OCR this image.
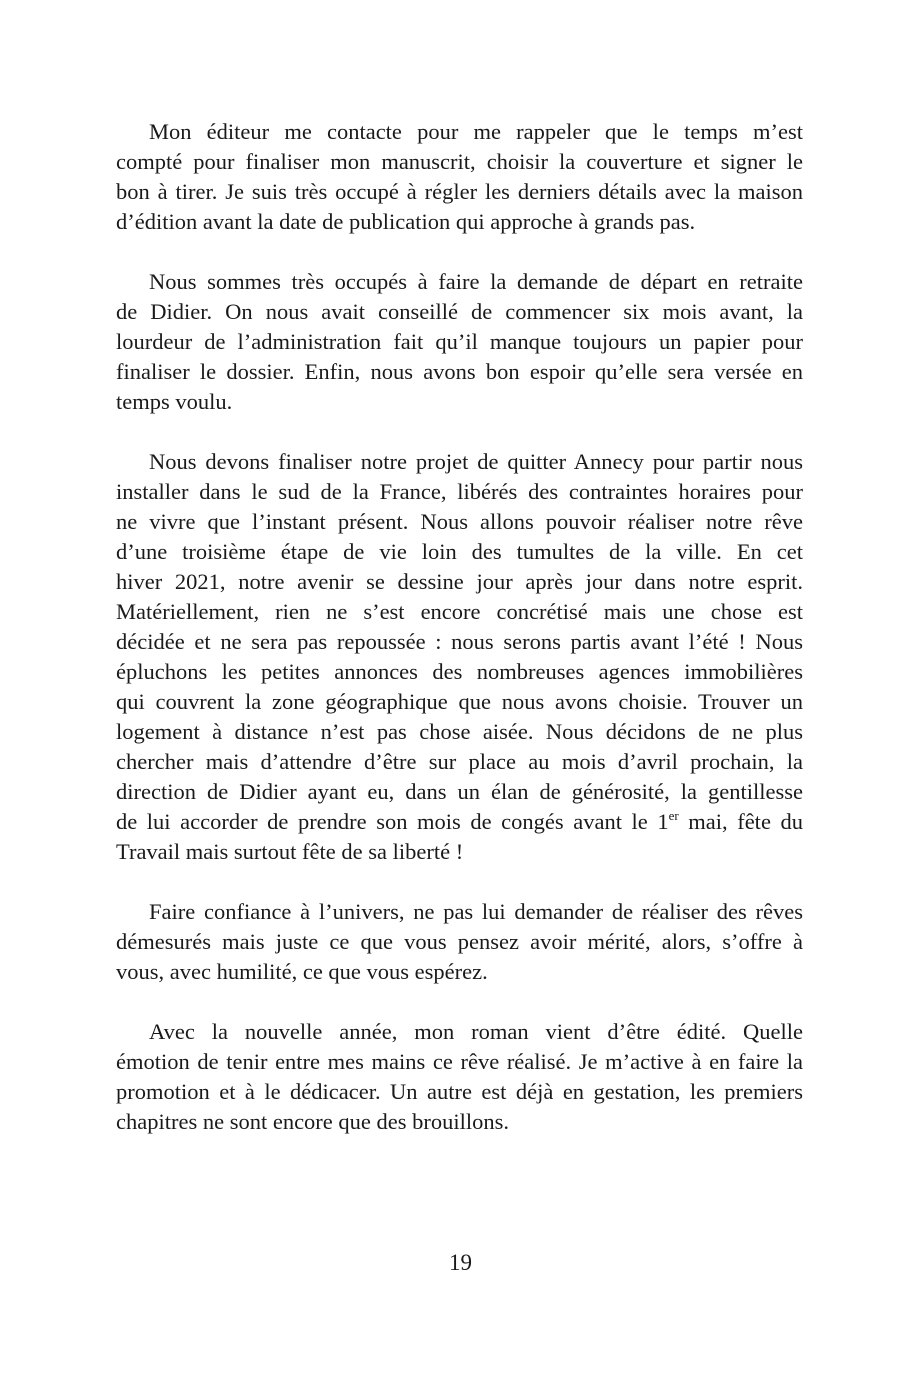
Mon éditeur me contacte pour me rappeler que le temps m’est
compté pour finaliser mon manuscrit, choisir la couverture et signer le
bon à tirer. Je suis très occupé à régler les derniers détails avec la maison
d’édition avant la date de publication qui approche à grands pas.
Nous sommes très occupés à faire la demande de départ en retraite
de Didier. On nous avait conseillé de commencer six mois avant, la
lourdeur de l’administration fait qu’il manque toujours un papier pour
finaliser le dossier. Enfin, nous avons bon espoir qu’elle sera versée en
temps voulu.
Nous devons finaliser notre projet de quitter Annecy pour partir nous
installer dans le sud de la France, libérés des contraintes horaires pour
ne vivre que l’instant présent. Nous allons pouvoir réaliser notre rêve
d’une troisième étape de vie loin des tumultes de la ville. En cet
hiver 2021, notre avenir se dessine jour après jour dans notre esprit.
Matériellement, rien ne s’est encore concrétisé mais une chose est
décidée et ne sera pas repoussée : nous serons partis avant l’été ! Nous
épluchons les petites annonces des nombreuses agences immobilières
qui couvrent la zone géographique que nous avons choisie. Trouver un
logement à distance n’est pas chose aisée. Nous décidons de ne plus
chercher mais d’attendre d’être sur place au mois d’avril prochain, la
direction de Didier ayant eu, dans un élan de générosité, la gentillesse
de lui accorder de prendre son mois de congés avant le 1er mai, fête du
Travail mais surtout fête de sa liberté !
Faire confiance à l’univers, ne pas lui demander de réaliser des rêves
démesurés mais juste ce que vous pensez avoir mérité, alors, s’offre à
vous, avec humilité, ce que vous espérez.
Avec la nouvelle année, mon roman vient d’être édité. Quelle
émotion de tenir entre mes mains ce rêve réalisé. Je m’active à en faire la
promotion et à le dédicacer. Un autre est déjà en gestation, les premiers
chapitres ne sont encore que des brouillons.
19
